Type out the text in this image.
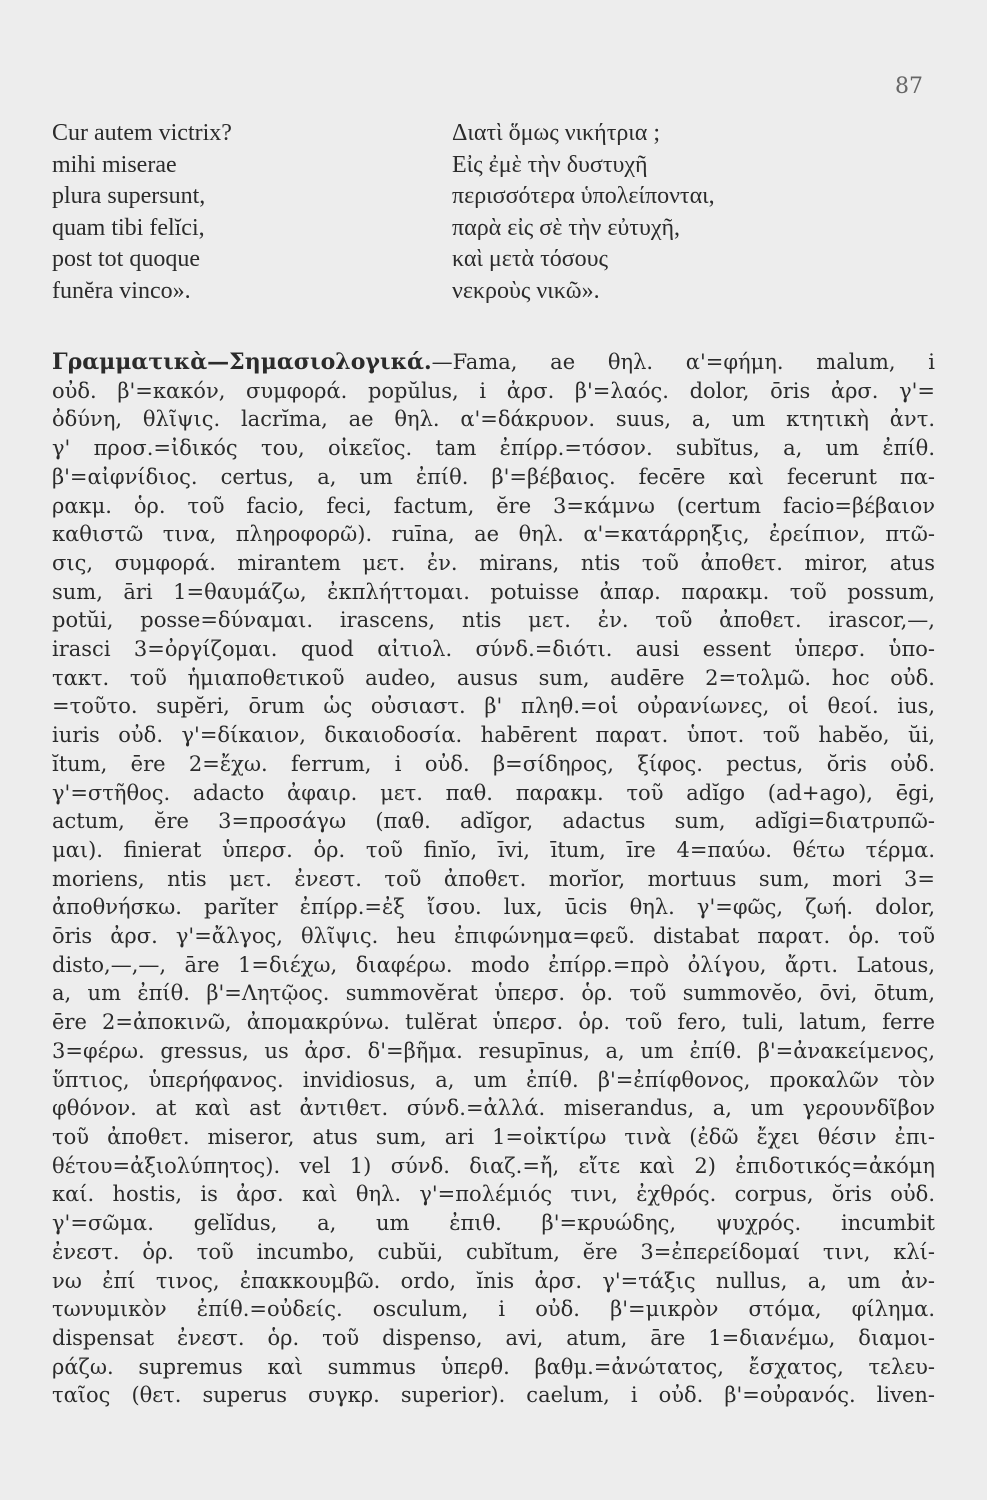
87
Cur autem victrix?	Διατὶ ὅμως νικήτρια ;
mihi miserae	Εἰς ἐμὲ τὴν δυστυχῆ
plura supersunt,	περισσότερα ὑπολείπονται,
quam tibi felĭci,	παρὰ εἰς σὲ τὴν εὐτυχῆ,
post tot quoque	καὶ μετὰ τόσους
funĕra vinco».	νεκροὺς νικῶ».
Γραμματικὰ—Σημασιολογικά.—Fama, ae θηλ. α'=φήμη. malum, i
οὐδ. β'=κακόν, συμφορά. popŭlus, i ἀρσ. β'=λαός. dolor, ōris ἀρσ. γ'=
ὀδύνη, θλῖψις. lacrĭma, ae θηλ. α'=δάκρυον. suus, a, um κτητικὴ ἀντ.
γ' προσ.=ἰδικός του, οἰκεῖος. tam ἐπίρρ.=τόσον. subĭtus, a, um ἐπίθ.
β'=αἰφνίδιος. certus, a, um ἐπίθ. β'=βέβαιος. fecēre καὶ fecerunt πα-
ρακμ. ὁρ. τοῦ facio, feci, factum, ĕre 3=κάμνω (certum facio=βέβαιον
καθιστῶ τινα, πληροφορῶ). ruīna, ae θηλ. α'=κατάρρηξις, ἐρείπιον, πτῶ-
σις, συμφορά. mirantem μετ. ἐν. mirans, ntis τοῦ ἀποθετ. miror, atus
sum, āri 1=θαυμάζω, ἐκπλήττομαι. potuisse ἀπαρ. παρακμ. τοῦ possum,
potŭi, posse=δύναμαι. irascens, ntis μετ. ἐν. τοῦ ἀποθετ. irascor,—,
irasci 3=ὀργίζομαι. quod αἰτιολ. σύνδ.=διότι. ausi essent ὑπερσ. ὑπο-
τακτ. τοῦ ἡμιαποθετικοῦ audeo, ausus sum, audēre 2=τολμῶ. hoc οὐδ.
=τοῦτο. supĕri, ōrum ὡς οὐσιαστ. β' πληθ.=οἱ οὐρανίωνες, οἱ θεοί. ius,
iuris οὐδ. γ'=δίκαιον, δικαιοδοσία. habērent παρατ. ὑποτ. τοῦ habĕo, ŭi,
ĭtum, ēre 2=ἔχω. ferrum, i οὐδ. β=σίδηρος, ξίφος. pectus, ŏris οὐδ.
γ'=στῆθος. adacto ἀφαιρ. μετ. παθ. παρακμ. τοῦ adĭgo (ad+ago), ēgi,
actum, ĕre 3=προσάγω (παθ. adĭgor, adactus sum, adĭgi=διατρυπῶ-
μαι). finierat ὑπερσ. ὁρ. τοῦ finĭo, īvi, ītum, īre 4=παύω. θέτω τέρμα.
moriens, ntis μετ. ἐνεστ. τοῦ ἀποθετ. morĭor, mortuus sum, mori 3=
ἀποθνήσκω. parĭter ἐπίρρ.=ἐξ ἴσου. lux, ūcis θηλ. γ'=φῶς, ζωή. dolor,
ōris ἀρσ. γ'=ἄλγος, θλῖψις. heu ἐπιφώνημα=φεῦ. distabat παρατ. ὁρ. τοῦ
disto,—,—, āre 1=διέχω, διαφέρω. modo ἐπίρρ.=πρὸ ὀλίγου, ἄρτι. Latous,
a, um ἐπίθ. β'=Λητῷος. summovĕrat ὑπερσ. ὁρ. τοῦ summovĕo, ōvi, ōtum,
ēre 2=ἀποκινῶ, ἀπομακρύνω. tulĕrat ὑπερσ. ὁρ. τοῦ fero, tuli, latum, ferre
3=φέρω. gressus, us ἀρσ. δ'=βῆμα. resupīnus, a, um ἐπίθ. β'=ἀνακείμενος,
ὕπτιος, ὑπερήφανος. invidiosus, a, um ἐπίθ. β'=ἐπίφθονος, προκαλῶν τὸν
φθόνον. at καὶ ast ἀντιθετ. σύνδ.=ἀλλά. miserandus, a, um γερουνδῖβον
τοῦ ἀποθετ. miseror, atus sum, ari 1=οἰκτίρω τινὰ (ἐδῶ ἔχει θέσιν ἐπι-
θέτου=ἀξιολύπητος). vel 1) σύνδ. διαζ.=ἤ, εἴτε καὶ 2) ἐπιδοτικός=ἀκόμη
καί. hostis, is ἀρσ. καὶ θηλ. γ'=πολέμιός τινι, ἐχθρός. corpus, ŏris οὐδ.
γ'=σῶμα. gelĭdus, a, um ἐπιθ. β'=κρυώδης, ψυχρός. incumbit
ἐνεστ. ὁρ. τοῦ incumbo, cubŭi, cubĭtum, ĕre 3=ἐπερείδομαί τινι, κλί-
νω ἐπί τινος, ἐπακκουμβῶ. ordo, ĭnis ἀρσ. γ'=τάξις nullus, a, um ἀν-
τωνυμικὸν ἐπίθ.=οὐδείς. osculum, i οὐδ. β'=μικρὸν στόμα, φίλημα.
dispensat ἐνεστ. ὁρ. τοῦ dispenso, avi, atum, āre 1=διανέμω, διαμοι-
ράζω. supremus καὶ summus ὑπερθ. βαθμ.=ἀνώτατος, ἔσχατος, τελευ-
ταῖος (θετ. superus συγκρ. superior). caelum, i οὐδ. β'=οὐρανός. liven-
